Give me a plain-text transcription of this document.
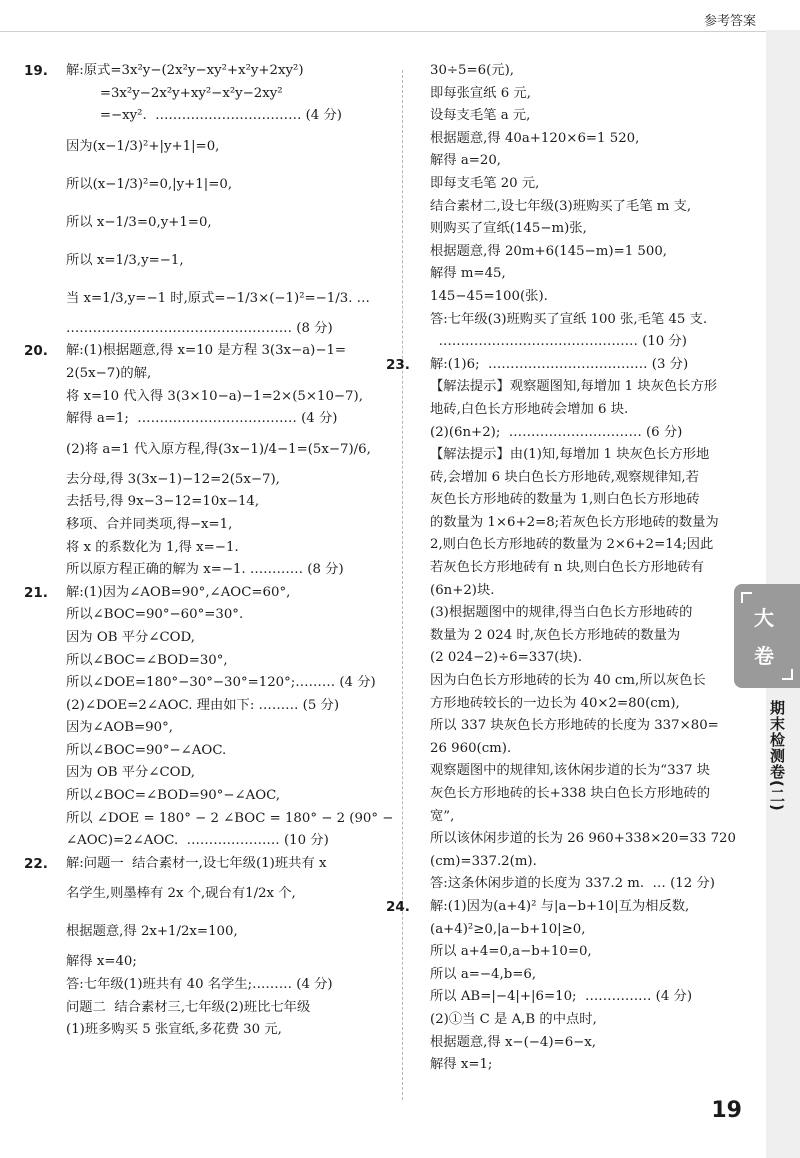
参考答案
19. 解:原式=3x²y−(2x²y−xy²+x²y+2xy²)
=3x²y−2x²y+xy²−x²y−2xy²
=−xy².  …………………………… (4 分)
因为(x−1/3)²+|y+1|=0,
所以(x−1/3)²=0,|y+1|=0,
所以 x−1/3=0,y+1=0,
所以 x=1/3,y=−1,
当 x=1/3,y=−1 时,原式=−1/3×(−1)²=−1/3. …
…………………………………………… (8 分)
20. 解:(1)根据题意,得 x=10 是方程 3(3x−a)−1=
2(5x−7)的解,
将 x=10 代入得 3(3×10−a)−1=2×(5×10−7),
解得 a=1;  ……………………………… (4 分)
(2)将 a=1 代入原方程,得(3x−1)/4−1=(5x−7)/6,
去分母,得 3(3x−1)−12=2(5x−7),
去括号,得 9x−3−12=10x−14,
移项、合并同类项,得−x=1,
将 x 的系数化为 1,得 x=−1.
所以原方程正确的解为 x=−1. ………… (8 分)
21. 解:(1)因为∠AOB=90°,∠AOC=60°,
所以∠BOC=90°−60°=30°.
因为 OB 平分∠COD,
所以∠BOC=∠BOD=30°,
所以∠DOE=180°−30°−30°=120°;……… (4 分)
(2)∠DOE=2∠AOC. 理由如下: ……… (5 分)
因为∠AOB=90°,
所以∠BOC=90°−∠AOC.
因为 OB 平分∠COD,
所以∠BOC=∠BOD=90°−∠AOC,
所以 ∠DOE = 180° − 2 ∠BOC = 180° − 2 (90° −
∠AOC)=2∠AOC.  ………………… (10 分)
22. 解:问题一  结合素材一,设七年级(1)班共有 x
名学生,则墨棒有 2x 个,砚台有1/2x 个,
根据题意,得 2x+1/2x=100,
解得 x=40;
答:七年级(1)班共有 40 名学生;……… (4 分)
问题二  结合素材三,七年级(2)班比七年级
(1)班多购买 5 张宣纸,多花费 30 元,
30÷5=6(元),
即每张宣纸 6 元,
设每支毛笔 a 元,
根据题意,得 40a+120×6=1 520,
解得 a=20,
即每支毛笔 20 元,
结合素材二,设七年级(3)班购买了毛笔 m 支,
则购买了宣纸(145−m)张,
根据题意,得 20m+6(145−m)=1 500,
解得 m=45,
145−45=100(张).
答:七年级(3)班购买了宣纸 100 张,毛笔 45 支.
……………………………………… (10 分)
23. 解:(1)6;  ……………………………… (3 分)
【解法提示】观察题图知,每增加 1 块灰色长方形
地砖,白色长方形地砖会增加 6 块.
(2)(6n+2);  ………………………… (6 分)
【解法提示】由(1)知,每增加 1 块灰色长方形地
砖,会增加 6 块白色长方形地砖,观察规律知,若
灰色长方形地砖的数量为 1,则白色长方形地砖
的数量为 1×6+2=8;若灰色长方形地砖的数量为
2,则白色长方形地砖的数量为 2×6+2=14;因此
若灰色长方形地砖有 n 块,则白色长方形地砖有
(6n+2)块.
(3)根据题图中的规律,得当白色长方形地砖的
数量为 2 024 时,灰色长方形地砖的数量为
(2 024−2)÷6=337(块).
因为白色长方形地砖的长为 40 cm,所以灰色长
方形地砖较长的一边长为 40×2=80(cm),
所以 337 块灰色长方形地砖的长度为 337×80=
26 960(cm).
观察题图中的规律知,该休闲步道的长为“337 块
灰色长方形地砖的长+338 块白色长方形地砖的
宽”,
所以该休闲步道的长为 26 960+338×20=33 720
(cm)=337.2(m).
答:这条休闲步道的长度为 337.2 m.  … (12 分)
24. 解:(1)因为(a+4)² 与|a−b+10|互为相反数,
(a+4)²≥0,|a−b+10|≥0,
所以 a+4=0,a−b+10=0,
所以 a=−4,b=6,
所以 AB=|−4|+|6=10;  …………… (4 分)
(2)①当 C 是 A,B 的中点时,
根据题意,得 x−(−4)=6−x,
解得 x=1;
大
卷
期末检测卷(二)
19
